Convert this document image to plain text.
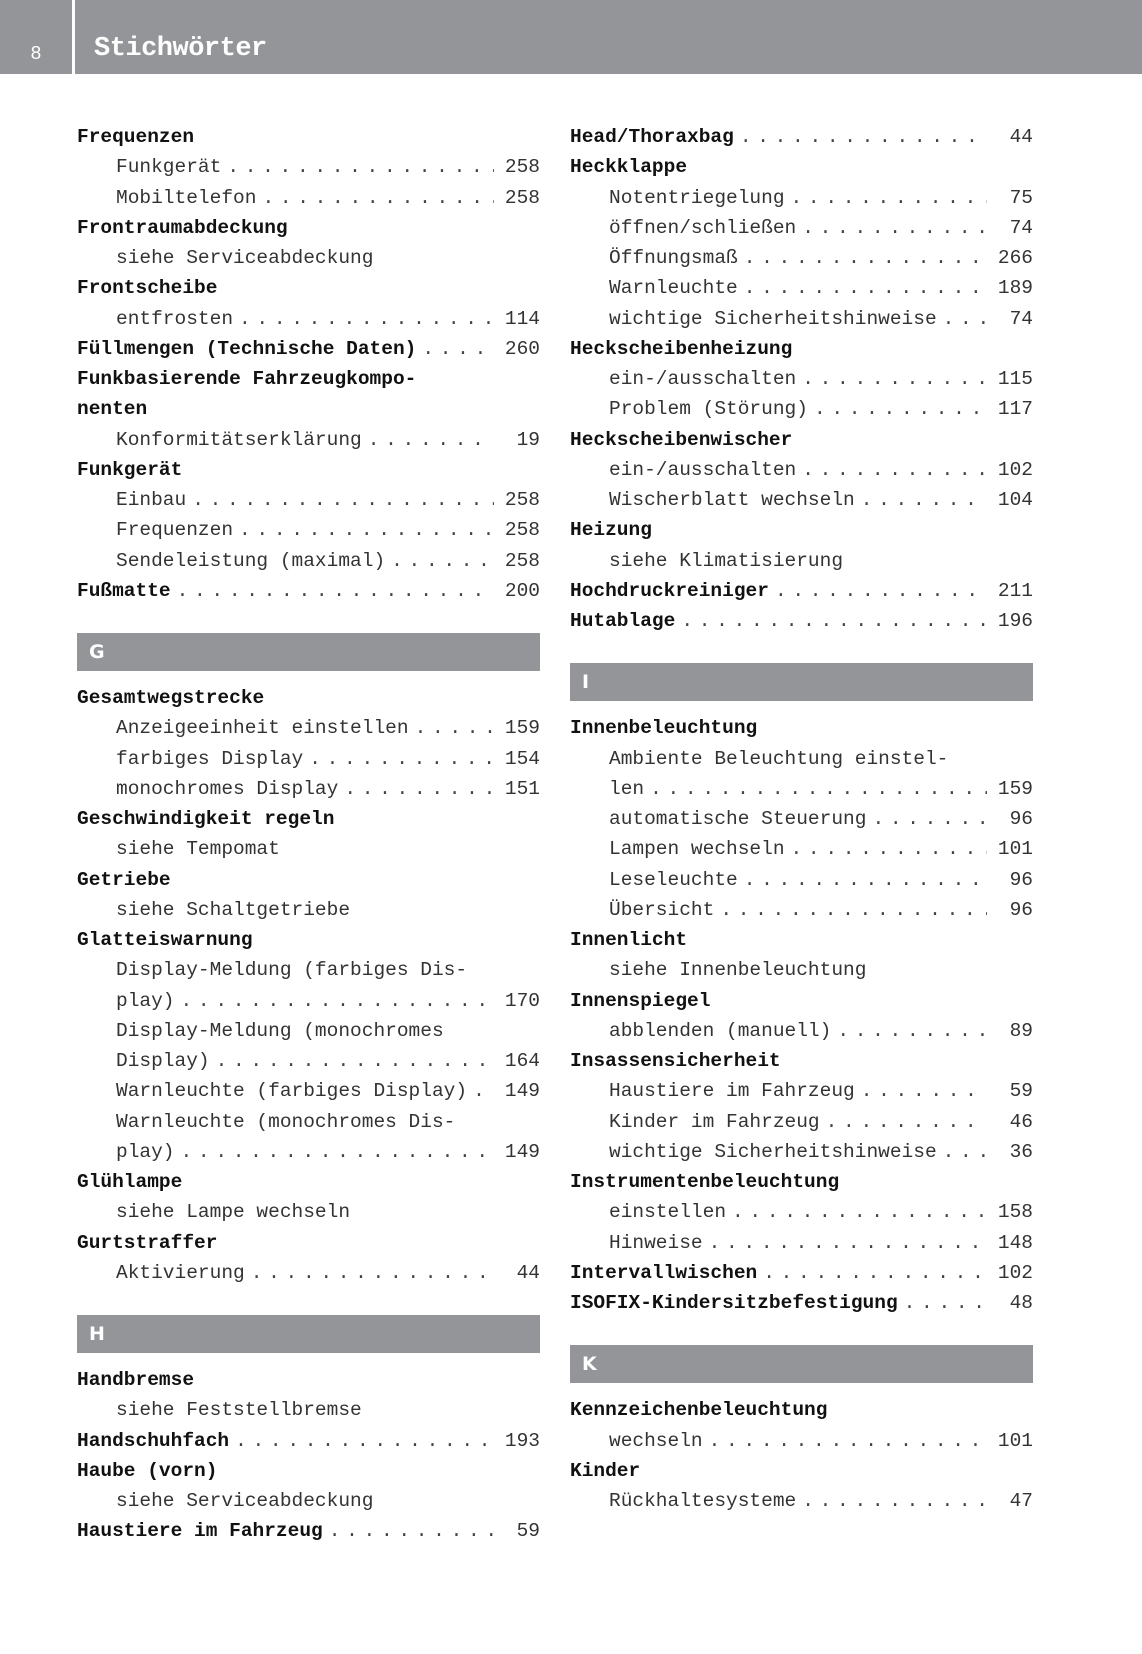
8	Stichwörter
Frequenzen
Funkgerät . . .	258
Mobiltelefon . . .	258
Frontraumabdeckung
siehe Serviceabdeckung
Frontscheibe
entfrosten . . .	114
Füllmengen (Technische Daten) . . .	260
Funkbasierende Fahrzeugkompo-
nenten
Konformitätserklärung . . .	19
Funkgerät
Einbau . . .	258
Frequenzen . . .	258
Sendeleistung (maximal) . . .	258
Fußmatte . . .	200
G
Gesamtwegstrecke
Anzeigeeinheit einstellen . . .	159
farbiges Display . . .	154
monochromes Display . . .	151
Geschwindigkeit regeln
siehe Tempomat
Getriebe
siehe Schaltgetriebe
Glatteiswarnung
Display-Meldung (farbiges Dis-
play) . . .	170
Display-Meldung (monochromes
Display) . . .	164
Warnleuchte (farbiges Display) . . . 149
Warnleuchte (monochromes Dis-
play) . . .	149
Glühlampe
siehe Lampe wechseln
Gurtstraffer
Aktivierung . . .	44
H
Handbremse
siehe Feststellbremse
Handschuhfach . . .	193
Haube (vorn)
siehe Serviceabdeckung
Haustiere im Fahrzeug . . .	59
Head/Thoraxbag . . .	44
Heckklappe
Notentriegelung . . .	75
öffnen/schließen . . .	74
Öffnungsmaß . . .	266
Warnleuchte . . .	189
wichtige Sicherheitshinweise . . .	74
Heckscheibenheizung
ein-/ausschalten . . .	115
Problem (Störung) . . .	117
Heckscheibenwischer
ein-/ausschalten . . .	102
Wischerblatt wechseln . . .	104
Heizung
siehe Klimatisierung
Hochdruckreiniger . . .	211
Hutablage . . .	196
I
Innenbeleuchtung
Ambiente Beleuchtung einstel-
len . . .	159
automatische Steuerung . . .	96
Lampen wechseln . . .	101
Leseleuchte . . .	96
Übersicht . . .	96
Innenlicht
siehe Innenbeleuchtung
Innenspiegel
abblenden (manuell) . . .	89
Insassensicherheit
Haustiere im Fahrzeug . . .	59
Kinder im Fahrzeug . . .	46
wichtige Sicherheitshinweise . . .	36
Instrumentenbeleuchtung
einstellen . . .	158
Hinweise . . .	148
Intervallwischen . . .	102
ISOFIX-Kindersitzbefestigung . . .	48
K
Kennzeichenbeleuchtung
wechseln . . .	101
Kinder
Rückhaltesysteme . . .	47
